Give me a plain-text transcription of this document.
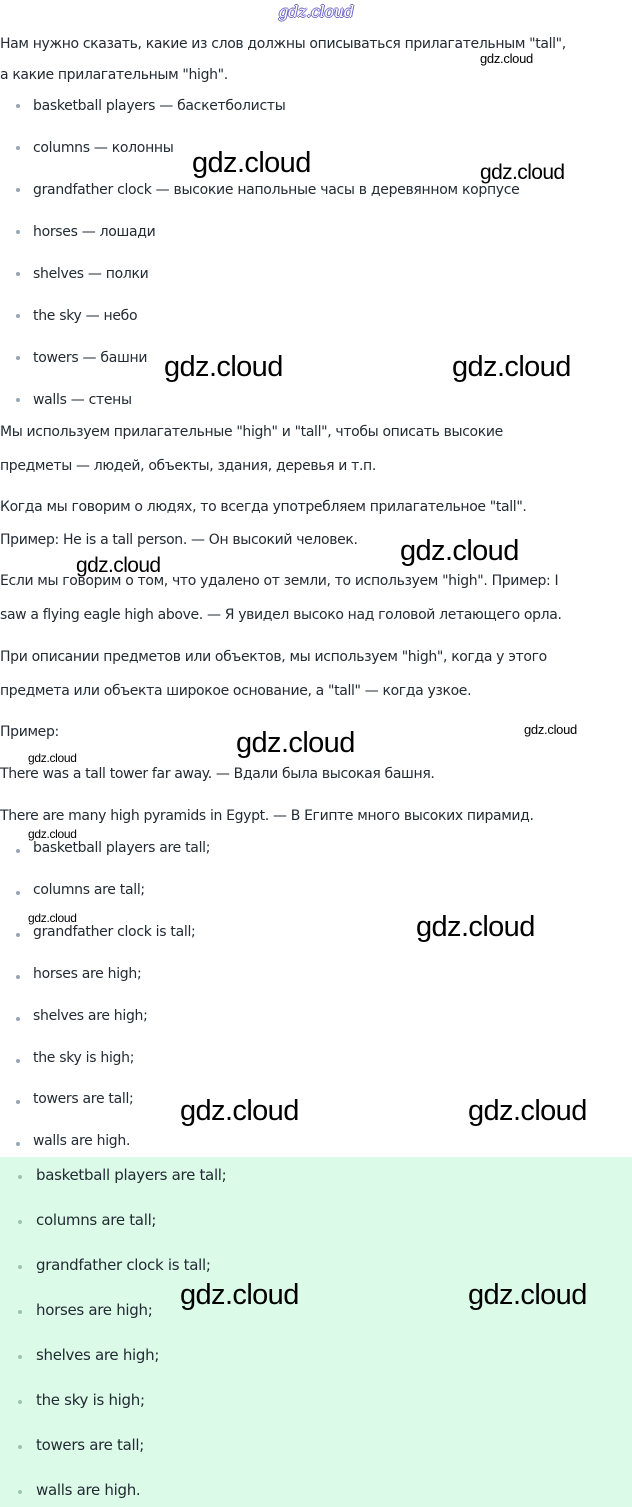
gdz.cloud

Нам нужно сказать, какие из слов должны описываться прилагательным "tall",

а какие прилагательным "high".

basketball players — баскетболисты
columns — колонны
grandfather clock — высокие напольные часы в деревянном корпусе
horses — лошади
shelves — полки
the sky — небо
towers — башни
walls — стены

Мы используем прилагательные "high" и "tall", чтобы описать высокие

предметы — людей, объекты, здания, деревья и т.п.

Когда мы говорим о людях, то всегда употребляем прилагательное "tall".

Пример: He is a tall person. — Он высокий человек.

Если мы говорим о том, что удалено от земли, то используем "high". Пример: I

saw a flying eagle high above. — Я увидел высоко над головой летающего орла.

При описании предметов или объектов, мы используем "high", когда у этого

предмета или объекта широкое основание, а "tall" — когда узкое.

Пример:

There was a tall tower far away. — Вдали была высокая башня.

There are many high pyramids in Egypt. — В Египте много высоких пирамид.

basketball players are tall;
columns are tall;
grandfather clock is tall;
horses are high;
shelves are high;
the sky is high;
towers are tall;
walls are high.
basketball players are tall;
columns are tall;
grandfather clock is tall;
horses are high;
shelves are high;
the sky is high;
towers are tall;
walls are high.
gdz.cloud
gdz.cloud	gdz.cloud
gdz.cloud	gdz.cloud
gdz.cloud	gdz.cloud
gdz.cloud
gdz.cloud
gdz.cloud
gdz.cloud
gdz.cloud	gdz.cloud
gdz.cloud	gdz.cloud
gdz.cloud	gdz.cloud
